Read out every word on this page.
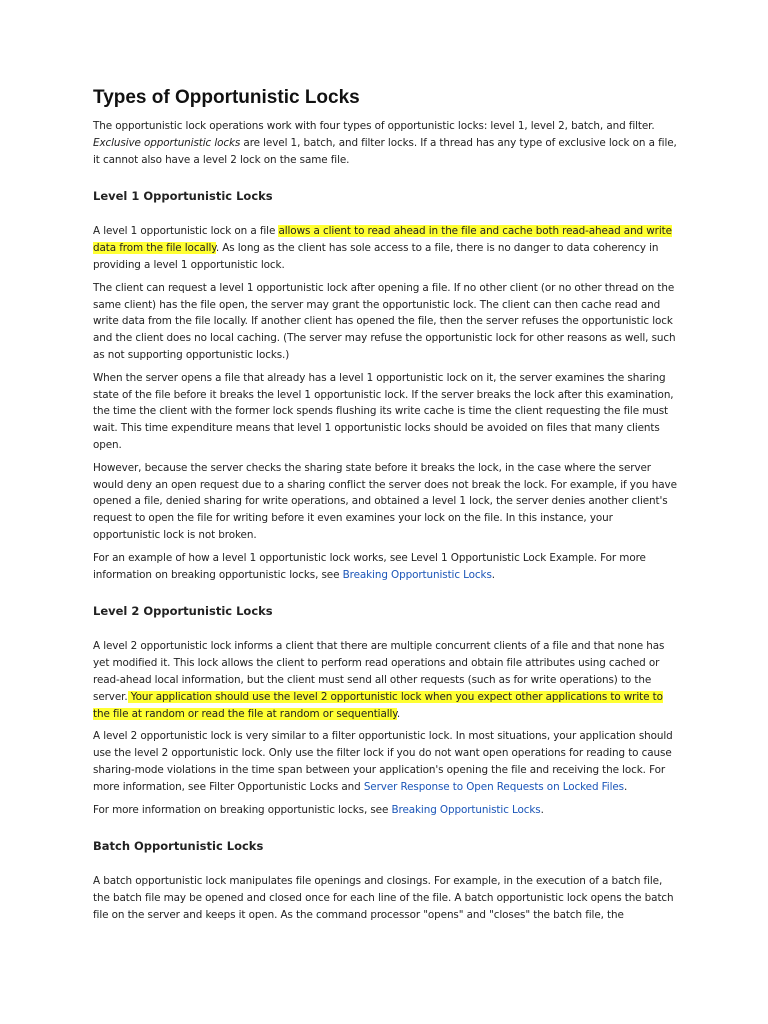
Types of Opportunistic Locks

The opportunistic lock operations work with four types of opportunistic locks: level 1, level 2, batch, and filter. Exclusive opportunistic locks are level 1, batch, and filter locks. If a thread has any type of exclusive lock on a file, it cannot also have a level 2 lock on the same file.

Level 1 Opportunistic Locks

A level 1 opportunistic lock on a file allows a client to read ahead in the file and cache both read-ahead and write data from the file locally. As long as the client has sole access to a file, there is no danger to data coherency in providing a level 1 opportunistic lock.

The client can request a level 1 opportunistic lock after opening a file. If no other client (or no other thread on the same client) has the file open, the server may grant the opportunistic lock. The client can then cache read and write data from the file locally. If another client has opened the file, then the server refuses the opportunistic lock and the client does no local caching. (The server may refuse the opportunistic lock for other reasons as well, such as not supporting opportunistic locks.)

When the server opens a file that already has a level 1 opportunistic lock on it, the server examines the sharing state of the file before it breaks the level 1 opportunistic lock. If the server breaks the lock after this examination, the time the client with the former lock spends flushing its write cache is time the client requesting the file must wait. This time expenditure means that level 1 opportunistic locks should be avoided on files that many clients open.

However, because the server checks the sharing state before it breaks the lock, in the case where the server would deny an open request due to a sharing conflict the server does not break the lock. For example, if you have opened a file, denied sharing for write operations, and obtained a level 1 lock, the server denies another client's request to open the file for writing before it even examines your lock on the file. In this instance, your opportunistic lock is not broken.

For an example of how a level 1 opportunistic lock works, see Level 1 Opportunistic Lock Example. For more information on breaking opportunistic locks, see Breaking Opportunistic Locks.

Level 2 Opportunistic Locks

A level 2 opportunistic lock informs a client that there are multiple concurrent clients of a file and that none has yet modified it. This lock allows the client to perform read operations and obtain file attributes using cached or read-ahead local information, but the client must send all other requests (such as for write operations) to the server. Your application should use the level 2 opportunistic lock when you expect other applications to write to the file at random or read the file at random or sequentially.

A level 2 opportunistic lock is very similar to a filter opportunistic lock. In most situations, your application should use the level 2 opportunistic lock. Only use the filter lock if you do not want open operations for reading to cause sharing-mode violations in the time span between your application's opening the file and receiving the lock. For more information, see Filter Opportunistic Locks and Server Response to Open Requests on Locked Files.

For more information on breaking opportunistic locks, see Breaking Opportunistic Locks.

Batch Opportunistic Locks

A batch opportunistic lock manipulates file openings and closings. For example, in the execution of a batch file, the batch file may be opened and closed once for each line of the file. A batch opportunistic lock opens the batch file on the server and keeps it open. As the command processor "opens" and "closes" the batch file, the
